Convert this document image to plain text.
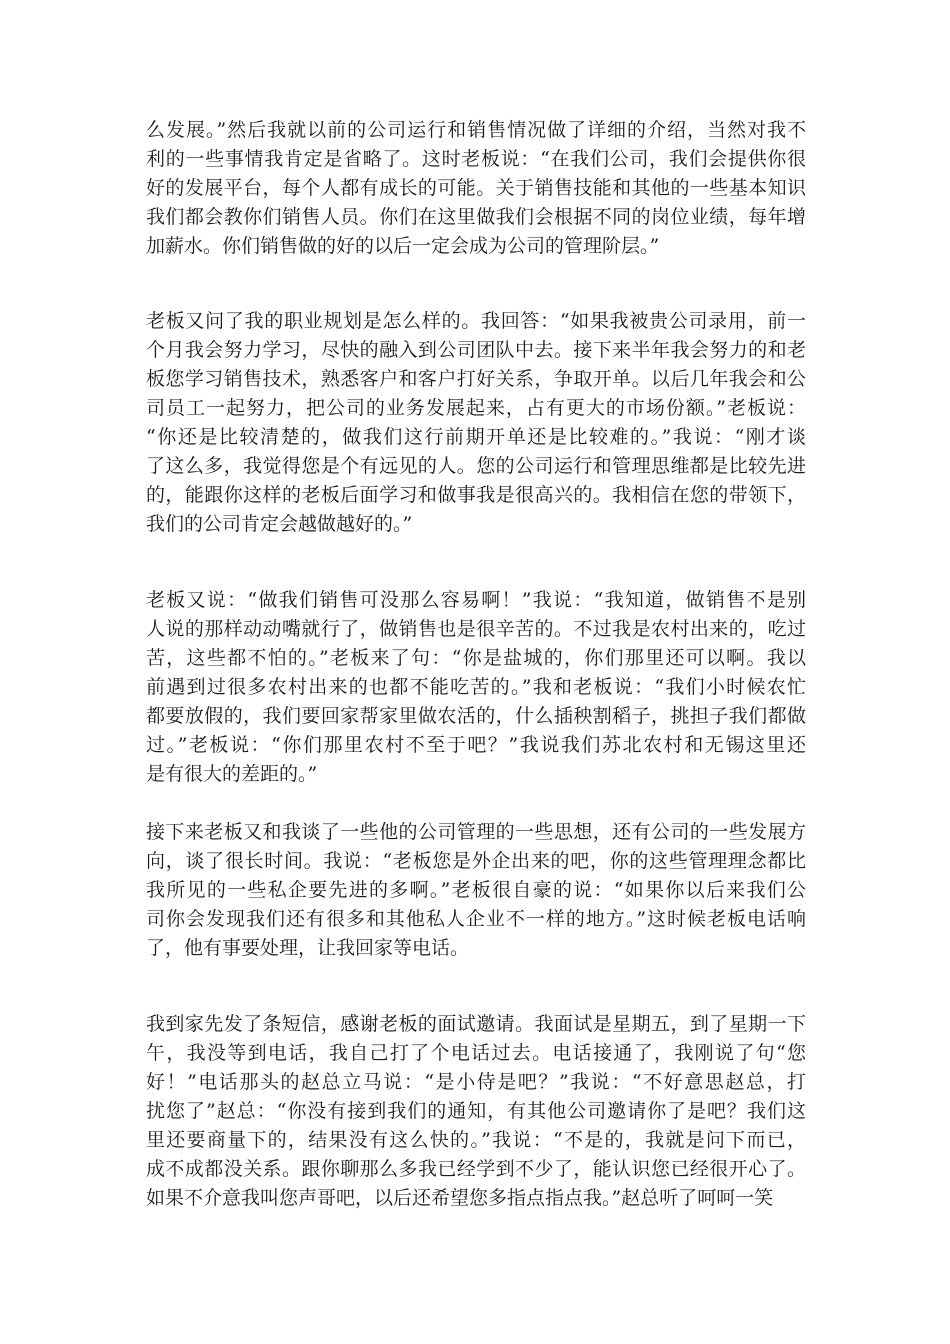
么发展。”然后我就以前的公司运行和销售情况做了详细的介绍，当然对我不
利的一些事情我肯定是省略了。这时老板说：“在我们公司，我们会提供你很
好的发展平台，每个人都有成长的可能。关于销售技能和其他的一些基本知识
我们都会教你们销售人员。你们在这里做我们会根据不同的岗位业绩，每年增
加薪水。你们销售做的好的以后一定会成为公司的管理阶层。”
老板又问了我的职业规划是怎么样的。我回答：“如果我被贵公司录用，前一
个月我会努力学习，尽快的融入到公司团队中去。接下来半年我会努力的和老
板您学习销售技术，熟悉客户和客户打好关系，争取开单。以后几年我会和公
司员工一起努力，把公司的业务发展起来，占有更大的市场份额。”老板说：
“你还是比较清楚的，做我们这行前期开单还是比较难的。”我说：“刚才谈
了这么多，我觉得您是个有远见的人。您的公司运行和管理思维都是比较先进
的，能跟你这样的老板后面学习和做事我是很高兴的。我相信在您的带领下，
我们的公司肯定会越做越好的。”
老板又说：“做我们销售可没那么容易啊！”我说：“我知道，做销售不是别
人说的那样动动嘴就行了，做销售也是很辛苦的。不过我是农村出来的，吃过
苦，这些都不怕的。”老板来了句：“你是盐城的，你们那里还可以啊。我以
前遇到过很多农村出来的也都不能吃苦的。”我和老板说：“我们小时候农忙
都要放假的，我们要回家帮家里做农活的，什么插秧割稻子，挑担子我们都做
过。”老板说：“你们那里农村不至于吧？”我说我们苏北农村和无锡这里还
是有很大的差距的。”
接下来老板又和我谈了一些他的公司管理的一些思想，还有公司的一些发展方
向，谈了很长时间。我说：“老板您是外企出来的吧，你的这些管理理念都比
我所见的一些私企要先进的多啊。”老板很自豪的说：“如果你以后来我们公
司你会发现我们还有很多和其他私人企业不一样的地方。”这时候老板电话响
了，他有事要处理，让我回家等电话。
我到家先发了条短信，感谢老板的面试邀请。我面试是星期五，到了星期一下
午，我没等到电话，我自己打了个电话过去。电话接通了，我刚说了句“您
好！”电话那头的赵总立马说：“是小侍是吧？”我说：“不好意思赵总，打
扰您了”赵总：“你没有接到我们的通知，有其他公司邀请你了是吧？我们这
里还要商量下的，结果没有这么快的。”我说：“不是的，我就是问下而已，
成不成都没关系。跟你聊那么多我已经学到不少了，能认识您已经很开心了。
如果不介意我叫您声哥吧，以后还希望您多指点指点我。”赵总听了呵呵一笑
